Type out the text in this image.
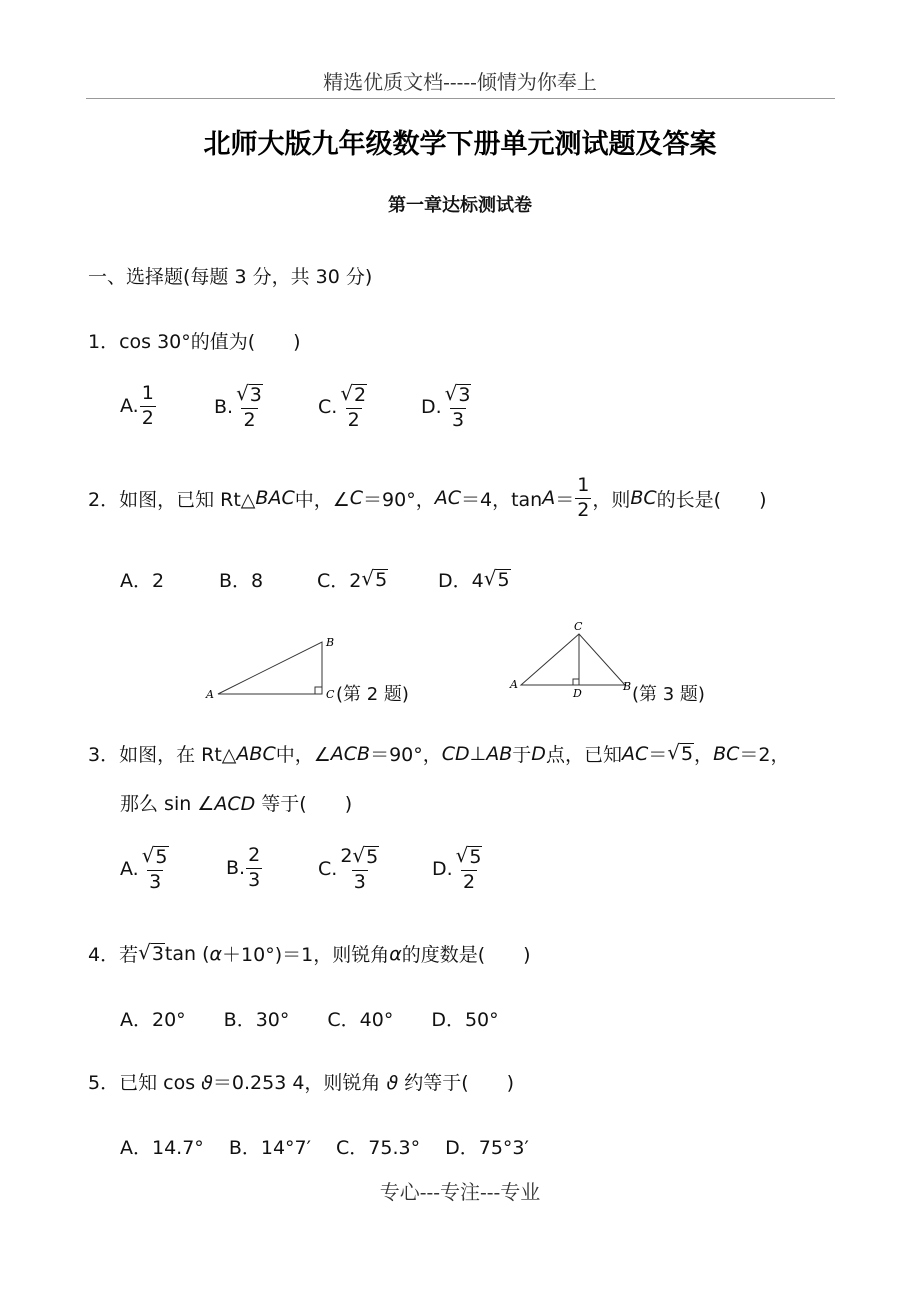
精选优质文档-----倾情为你奉上
北师大版九年级数学下册单元测试题及答案
第一章达标测试卷
一、选择题(每题 3 分，共 30 分)
1．cos 30°的值为(　　)
A. $\frac{1}{2}$	B. $\frac{√ 3}{2}$	C. $\frac{√ 2}{2}$	D. $\frac{√ 3}{3}$
2．如图，已知 Rt△ BAC 中，∠ C ＝90°， AC ＝4，$\tan A = \frac{1}{2}$ ，则 BC 的长是(　　)
A．2	B．8	C．2 √ 5	D．4 √ 5
A
B
C (第 2 题)	A	B
C
D	(第 3 题)
3．如图，在 Rt△ ABC 中，∠ ACB ＝90°， CD ⊥ AB 于 D 点，已知 AC ＝ √ 5 ， BC ＝2，
那么 sin ∠ACD 等于(　　)
A. $\frac{√ 5}{3}$	B. $\frac{2}{3}$	C. $\frac{2 √ 5}{3}$	D. $\frac{√ 5}{2}$
4．若 √ 3 tan ( α ＋10°)＝1，则锐角 α 的度数是(　　)
A．20°　　B．30°　　C．40°　　D．50°
5．已知 cos ϑ＝0.253 4，则锐角 ϑ 约等于(　　)
A．14.7°　 B．14°7′　 C．75.3°　 D．75°3′
专心---专注---专业
